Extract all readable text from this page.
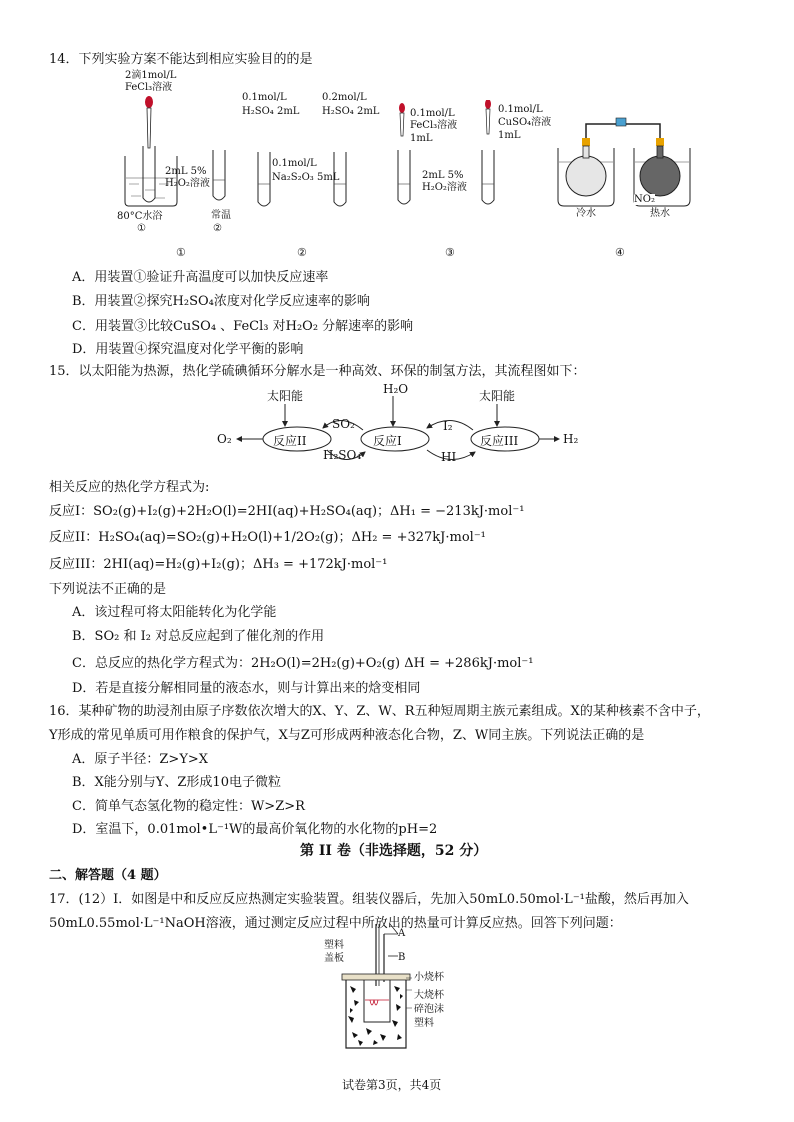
14．下列实验方案不能达到相应实验目的的是
2滴1mol/L
FeCl₃溶液
2mL 5%
H₂O₂溶液
80°C水浴	常温
①	②
0.1mol/L
H₂SO₄ 2mL
0.2mol/L
H₂SO₄ 2mL
0.1mol/L
Na₂S₂O₃ 5mL
0.1mol/L
FeCl₃溶液
1mL
0.1mol/L
CuSO₄溶液
1mL
2mL 5%
H₂O₂溶液
NO₂
冷水	热水
①	②	③	④
A．用装置①验证升高温度可以加快反应速率
B．用装置②探究H₂SO₄浓度对化学反应速率的影响
C．用装置③比较CuSO₄ 、FeCl₃ 对H₂O₂ 分解速率的影响
D．用装置④探究温度对化学平衡的影响
15．以太阳能为热源，热化学硫碘循环分解水是一种高效、环保的制氢方法，其流程图如下：
太阳能	H₂O	太阳能
反应II	反应I	反应III
SO₂
H₂SO₄
I₂
HI
O₂	H₂
相关反应的热化学方程式为:
反应I：SO₂(g)+I₂(g)+2H₂O(l)=2HI(aq)+H₂SO₄(aq)；ΔH₁ = −213kJ·mol⁻¹
反应II：H₂SO₄(aq)=SO₂(g)+H₂O(l)+1/2O₂(g)；ΔH₂ = +327kJ·mol⁻¹
反应III：2HI(aq)=H₂(g)+I₂(g)；ΔH₃ = +172kJ·mol⁻¹
下列说法不正确的是
A．该过程可将太阳能转化为化学能
B．SO₂ 和 I₂ 对总反应起到了催化剂的作用
C．总反应的热化学方程式为：2H₂O(l)=2H₂(g)+O₂(g) ΔH = +286kJ·mol⁻¹
D．若是直接分解相同量的液态水，则与计算出来的焓变相同
16．某种矿物的助浸剂由原子序数依次增大的X、Y、Z、W、R五种短周期主族元素组成。X的某种核素不含中子，
Y形成的常见单质可用作粮食的保护气，X与Z可形成两种液态化合物，Z、W同主族。下列说法正确的是
A．原子半径：Z>Y>X
B．X能分别与Y、Z形成10电子微粒
C．简单气态氢化物的稳定性：W>Z>R
D．室温下，0.01mol•L⁻¹W的最高价氧化物的水化物的pH=2
第 II 卷（非选择题，52 分）
二、解答题（4 题）
17．(12）I．如图是中和反应反应热测定实验装置。组装仪器后，先加入50mL0.50mol·L⁻¹盐酸，然后再加入
50mL0.55mol·L⁻¹NaOH溶液，通过测定反应过程中所放出的热量可计算反应热。回答下列问题：
塑料
盖板
A
B
小烧杯
大烧杯
碎泡沫
塑料
试卷第3页，共4页
